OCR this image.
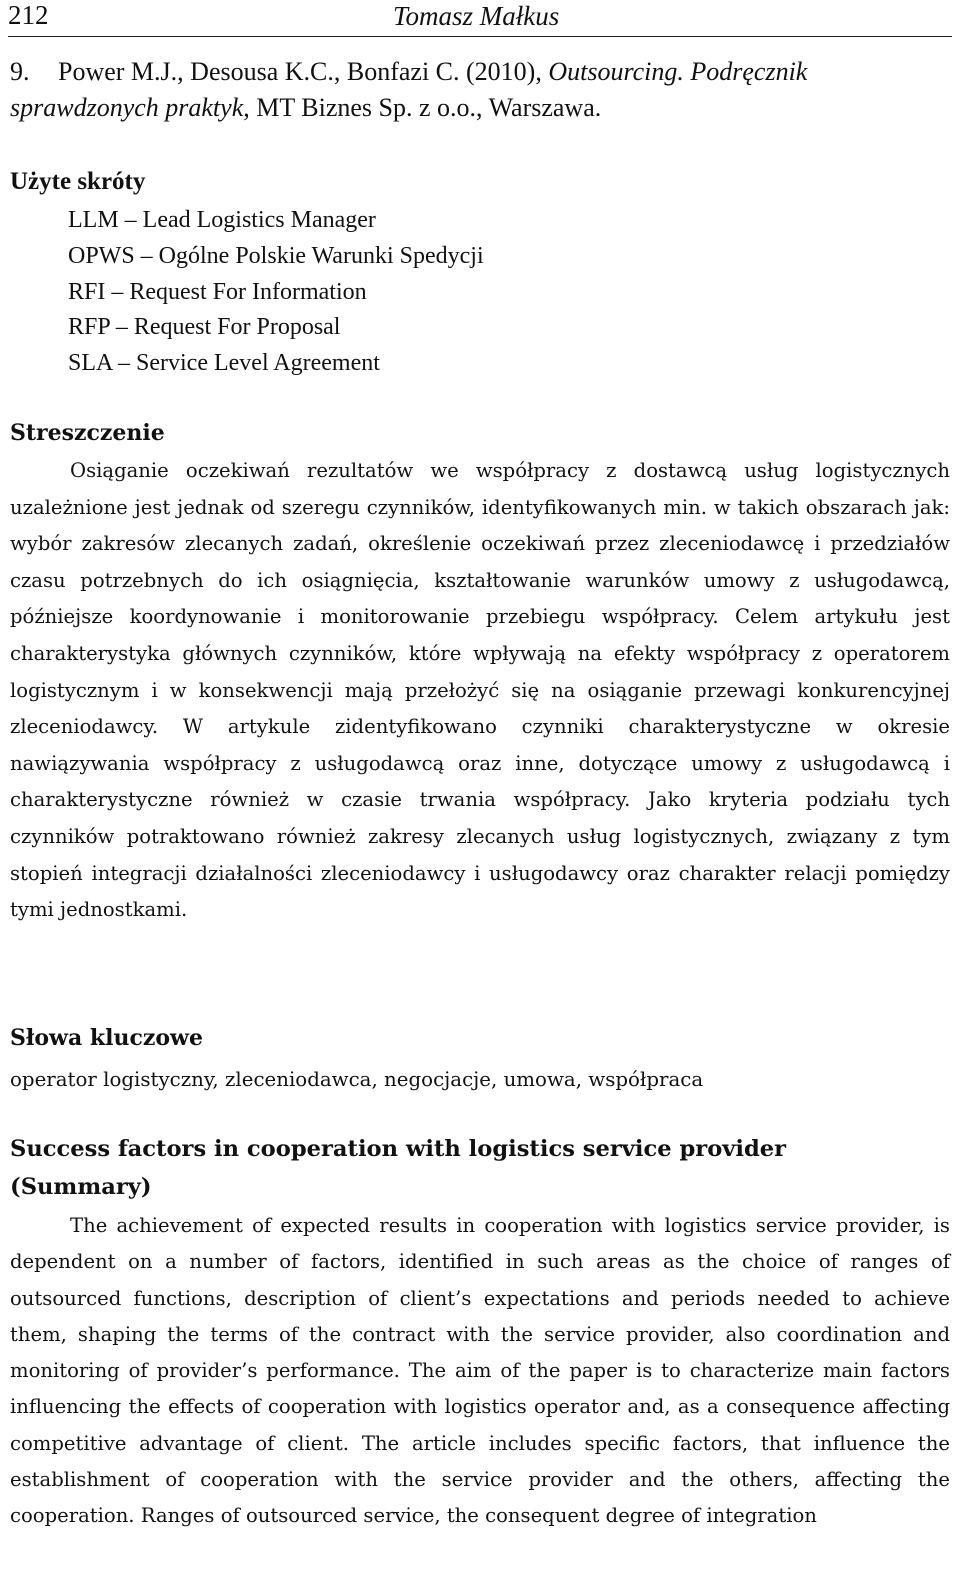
212	Tomasz Małkus
9. Power M.J., Desousa K.C., Bonfazi C. (2010), Outsourcing. Podręcznik
sprawdzonych praktyk, MT Biznes Sp. z o.o., Warszawa.
Użyte skróty
LLM – Lead Logistics Manager
OPWS – Ogólne Polskie Warunki Spedycji
RFI – Request For Information
RFP – Request For Proposal
SLA – Service Level Agreement
Streszczenie

Osiąganie oczekiwań rezultatów we współpracy z dostawcą usług logistycznych uzależnione jest jednak od szeregu czynników, identyfikowanych min. w takich obszarach jak: wybór zakresów zlecanych zadań, określenie oczekiwań przez zleceniodawcę i przedziałów czasu potrzebnych do ich osiągnięcia, kształtowanie warunków umowy z usługodawcą, późniejsze koordynowanie i monitorowanie przebiegu współpracy. Celem artykułu jest charakterystyka głównych czynników, które wpływają na efekty współpracy z operatorem logistycznym i w konsekwencji mają przełożyć się na osiąganie przewagi konkurencyjnej zleceniodawcy. W artykule zidentyfikowano czynniki charakterystyczne w okresie nawiązywania współpracy z usługodawcą oraz inne, dotyczące umowy z usługodawcą i charakterystyczne również w czasie trwania współpracy. Jako kryteria podziału tych czynników potraktowano również zakresy zlecanych usług logistycznych, związany z tym stopień integracji działalności zleceniodawcy i usługodawcy oraz charakter relacji pomiędzy tymi jednostkami.

Słowa kluczowe
operator logistyczny, zleceniodawca, negocjacje, umowa, współpraca
Success factors in cooperation with logistics service provider
(Summary)

The achievement of expected results in cooperation with logistics service provider, is dependent on a number of factors, identified in such areas as the choice of ranges of outsourced functions, description of client’s expectations and periods needed to achieve them, shaping the terms of the contract with the service provider, also coordination and monitoring of provider’s performance. The aim of the paper is to characterize main factors influencing the effects of cooperation with logistics operator and, as a consequence affecting competitive advantage of client. The article includes specific factors, that influence the establishment of cooperation with the service provider and the others, affecting the cooperation. Ranges of outsourced service, the consequent degree of integration
